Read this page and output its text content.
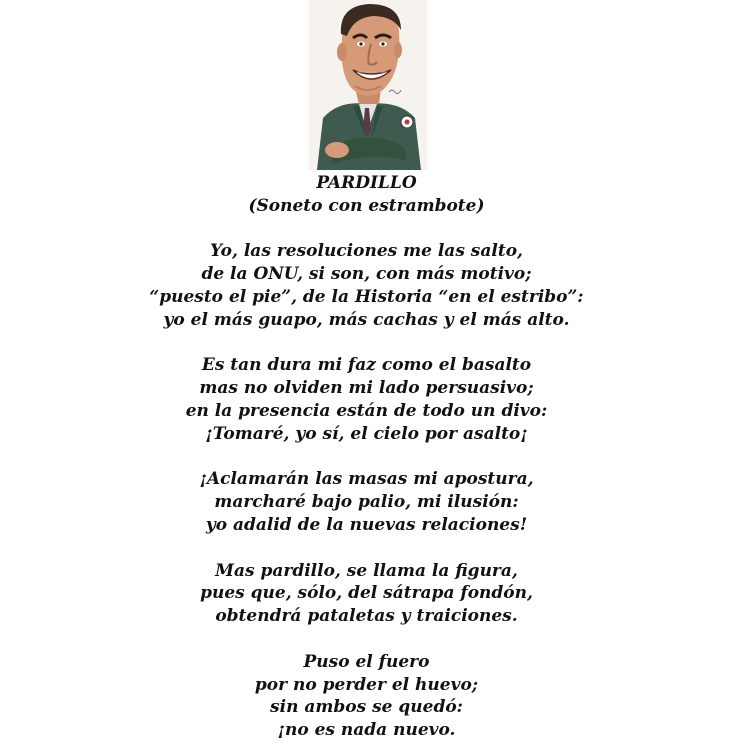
PARDILLO
(Soneto con estrambote)
Yo, las resoluciones me las salto,
de la ONU, si son, con más motivo;
“puesto el pie”, de la Historia “en el estribo”:
yo el más guapo, más cachas y el más alto.
Es tan dura mi faz como el basalto
mas no olviden mi lado persuasivo;
en la presencia están de todo un divo:
¡Tomaré, yo sí, el cielo por asalto¡
¡Aclamarán las masas mi apostura,
marcharé bajo palio, mi ilusión:
yo adalid de la nuevas relaciones!
Mas pardillo, se llama la figura,
pues que, sólo, del sátrapa fondón,
obtendrá pataletas y traiciones.
Puso el fuero
por no perder el huevo;
sin ambos se quedó:
¡no es nada nuevo.
